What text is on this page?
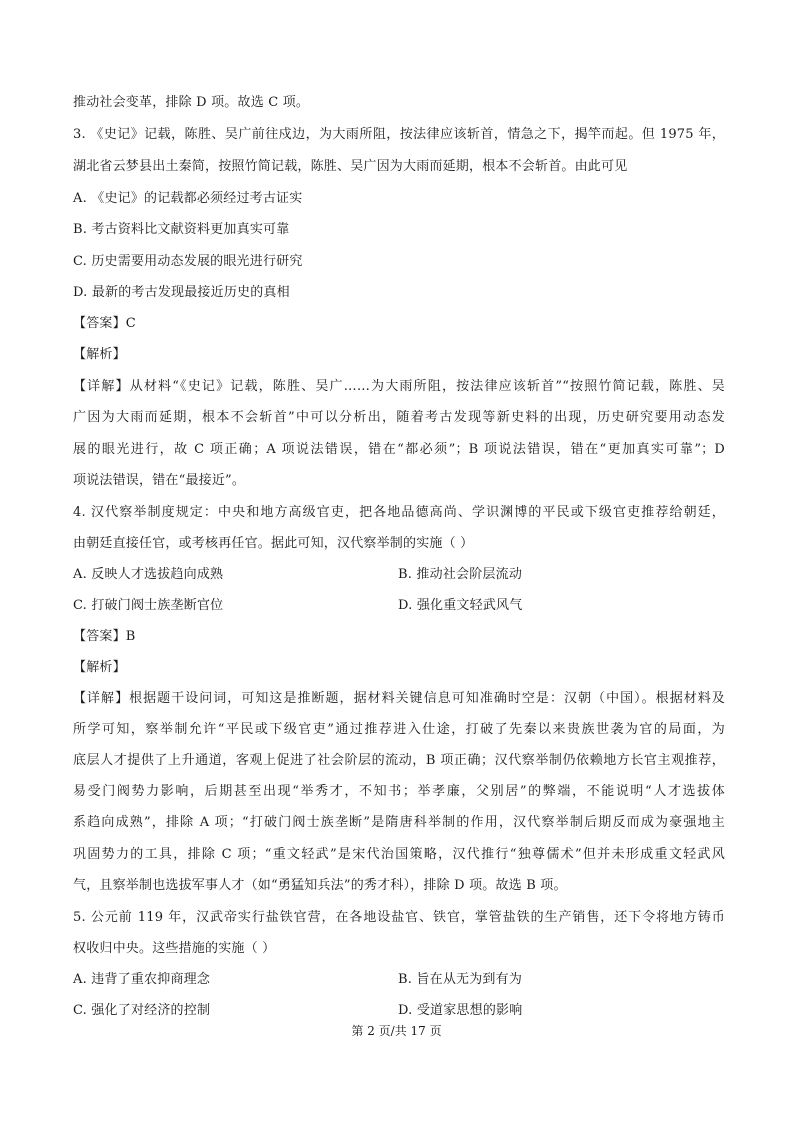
推动社会变革，排除 D 项。故选 C 项。
3. 《史记》记载，陈胜、吴广前往戍边，为大雨所阻，按法律应该斩首，情急之下，揭竿而起。但 1975 年，
湖北省云梦县出土秦简，按照竹简记载，陈胜、吴广因为大雨而延期，根本不会斩首。由此可见
A. 《史记》的记载都必须经过考古证实
B. 考古资料比文献资料更加真实可靠
C. 历史需要用动态发展的眼光进行研究
D. 最新的考古发现最接近历史的真相
【答案】C
【解析】
【详解】从材料“《史记》记载，陈胜、吴广……为大雨所阻，按法律应该斩首”“按照竹简记载，陈胜、吴
广因为大雨而延期，根本不会斩首”中可以分析出，随着考古发现等新史料的出现，历史研究要用动态发
展的眼光进行，故 C 项正确；A 项说法错误，错在“都必须”；B 项说法错误，错在“更加真实可靠”；D
项说法错误，错在“最接近”。
4. 汉代察举制度规定：中央和地方高级官吏，把各地品德高尚、学识渊博的平民或下级官吏推荐给朝廷，
由朝廷直接任官，或考核再任官。据此可知，汉代察举制的实施（ ）
A. 反映人才选拔趋向成熟	B. 推动社会阶层流动
C. 打破门阀士族垄断官位	D. 强化重文轻武风气
【答案】B
【解析】
【详解】根据题干设问词，可知这是推断题，据材料关键信息可知准确时空是：汉朝（中国）。根据材料及
所学可知，察举制允许“平民或下级官吏”通过推荐进入仕途，打破了先秦以来贵族世袭为官的局面，为
底层人才提供了上升通道，客观上促进了社会阶层的流动，B 项正确；汉代察举制仍依赖地方长官主观推荐，
易受门阀势力影响，后期甚至出现“举秀才，不知书；举孝廉，父别居”的弊端，不能说明“人才选拔体
系趋向成熟”，排除 A 项；“打破门阀士族垄断”是隋唐科举制的作用，汉代察举制后期反而成为豪强地主
巩固势力的工具，排除 C 项；“重文轻武”是宋代治国策略，汉代推行“独尊儒术”但并未形成重文轻武风
气，且察举制也选拔军事人才（如“勇猛知兵法”的秀才科），排除 D 项。故选 B 项。
5. 公元前 119 年，汉武帝实行盐铁官营，在各地设盐官、铁官，掌管盐铁的生产销售，还下令将地方铸币
权收归中央。这些措施的实施（ ）
A. 违背了重农抑商理念	B. 旨在从无为到有为
C. 强化了对经济的控制	D. 受道家思想的影响
第 2 页/共 17 页
